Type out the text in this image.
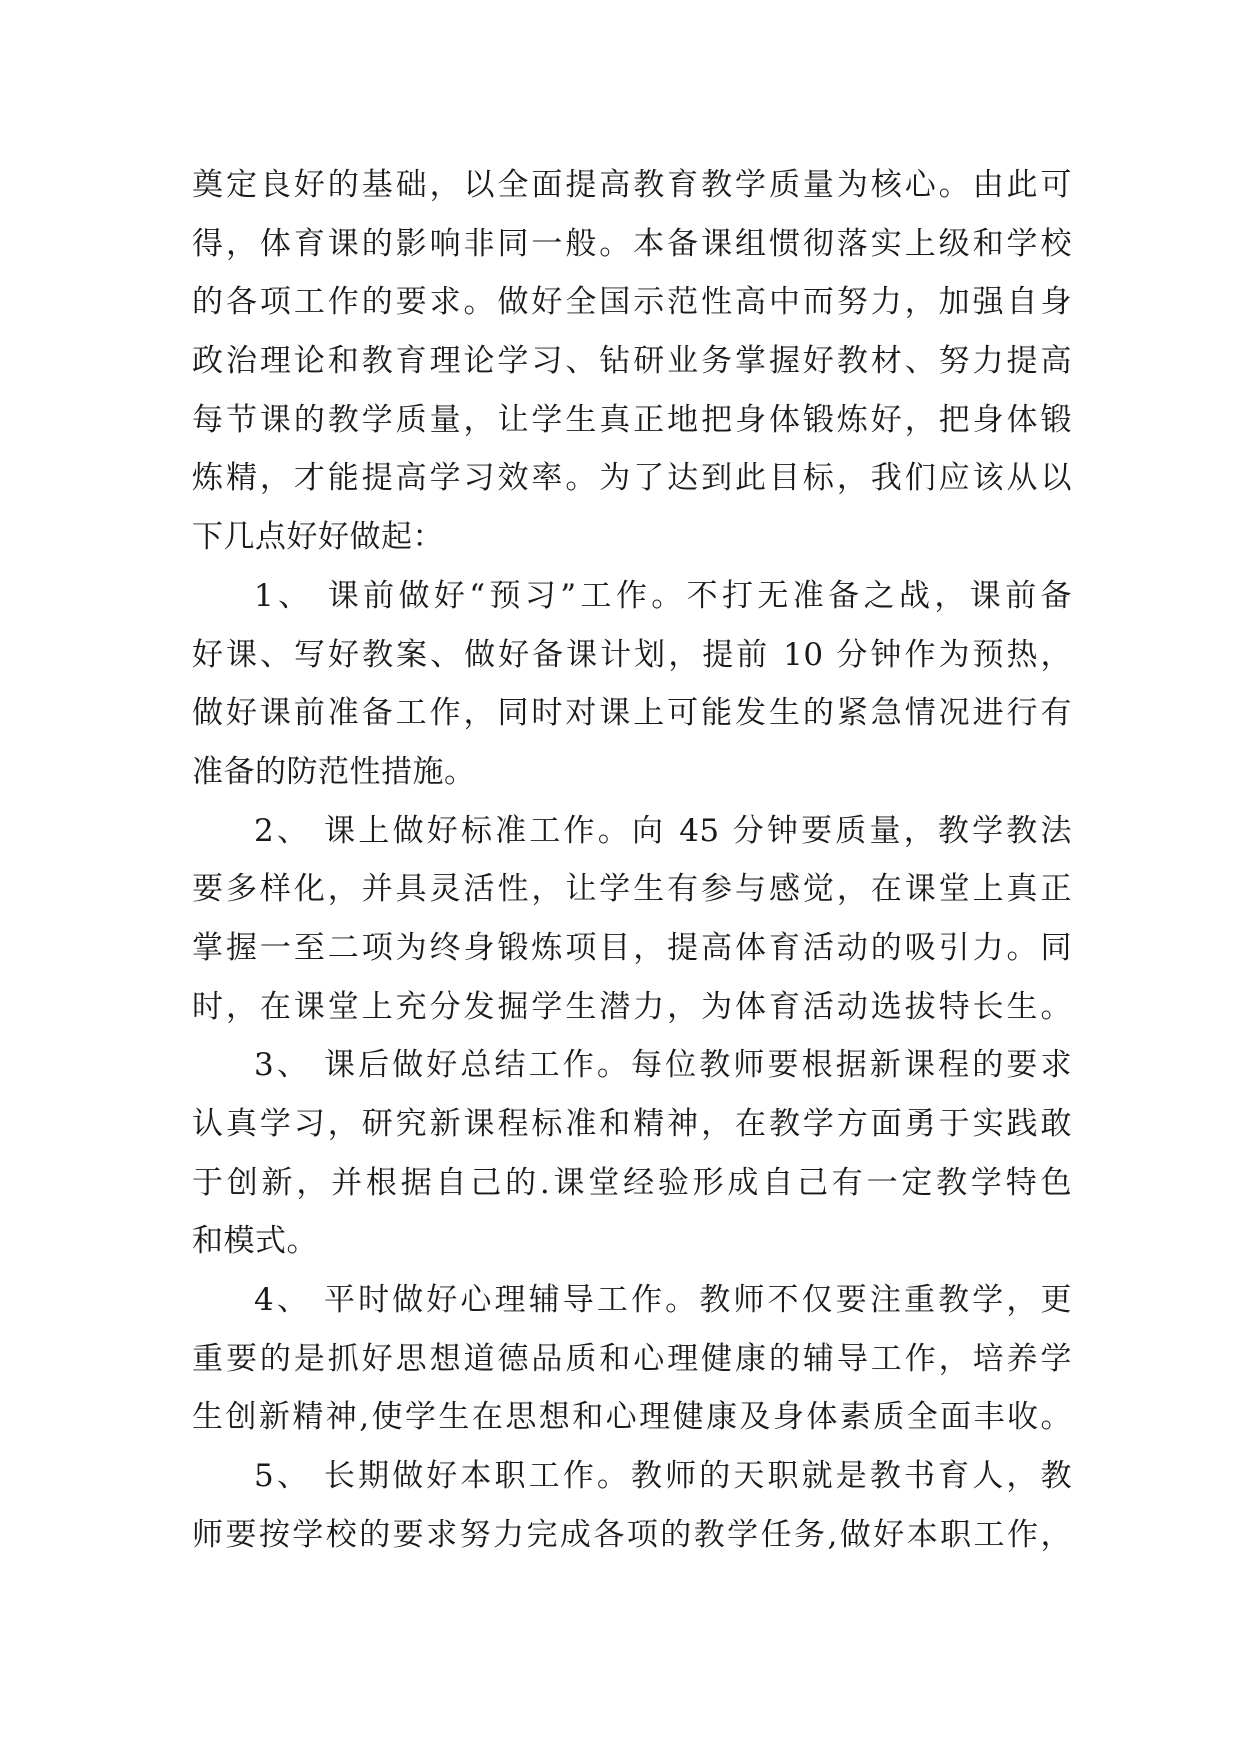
奠定良好的基础，以全面提高教育教学质量为核心。由此可
得，体育课的影响非同一般。本备课组惯彻落实上级和学校
的各项工作的要求。做好全国示范性高中而努力，加强自身
政治理论和教育理论学习、钻研业务掌握好教材、努力提高
每节课的教学质量，让学生真正地把身体锻炼好，把身体锻
炼精，才能提高学习效率。为了达到此目标，我们应该从以
下几点好好做起：
1、 课前做好“预习”工作。不打无准备之战，课前备
好课、写好教案、做好备课计划，提前 10 分钟作为预热，
做好课前准备工作，同时对课上可能发生的紧急情况进行有
准备的防范性措施。
2、 课上做好标准工作。向 45 分钟要质量，教学教法
要多样化，并具灵活性，让学生有参与感觉，在课堂上真正
掌握一至二项为终身锻炼项目，提高体育活动的吸引力。同
时，在课堂上充分发掘学生潜力，为体育活动选拔特长生。
3、 课后做好总结工作。每位教师要根据新课程的要求
认真学习，研究新课程标准和精神，在教学方面勇于实践敢
于创新，并根据自己的.课堂经验形成自己有一定教学特色
和模式。
4、 平时做好心理辅导工作。教师不仅要注重教学，更
重要的是抓好思想道德品质和心理健康的辅导工作，培养学
生创新精神,使学生在思想和心理健康及身体素质全面丰收。
5、 长期做好本职工作。教师的天职就是教书育人，教
师要按学校的要求努力完成各项的教学任务,做好本职工作，
